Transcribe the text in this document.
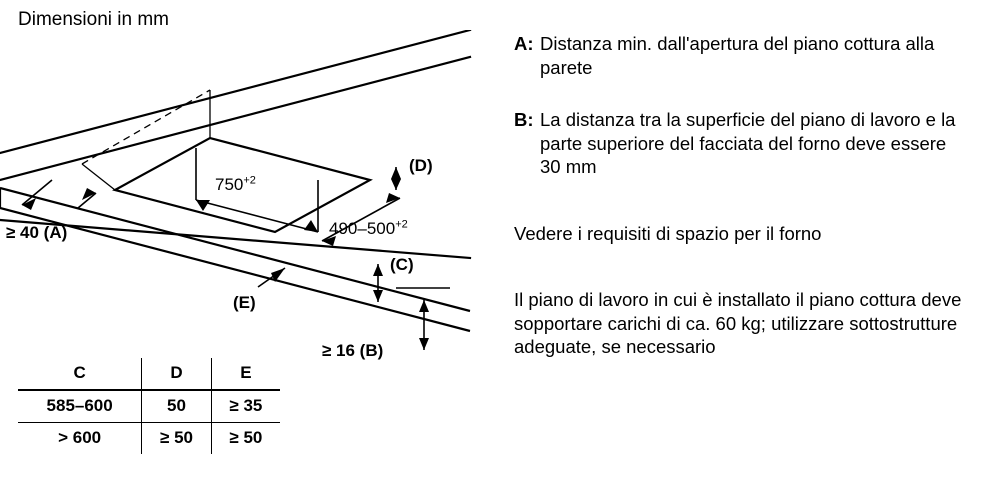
Dimensioni in mm
≥ 40 (A)
$750^{+2}$
$490-500^{+2}$
(D)
(C)
(E)
≥ 16 (B)
C	D	E
585–600	50	≥ 35
> 600	≥ 50	≥ 50
A: Distanza min. dall'apertura del piano cottura alla parete
B: La distanza tra la superficie del piano di lavoro e la parte superiore del facciata del forno deve essere 30 mm
Vedere i requisiti di spazio per il forno
Il piano di lavoro in cui è installato il piano cottura deve sopportare carichi di ca. 60 kg; utilizzare sottostrutture adeguate, se necessario
